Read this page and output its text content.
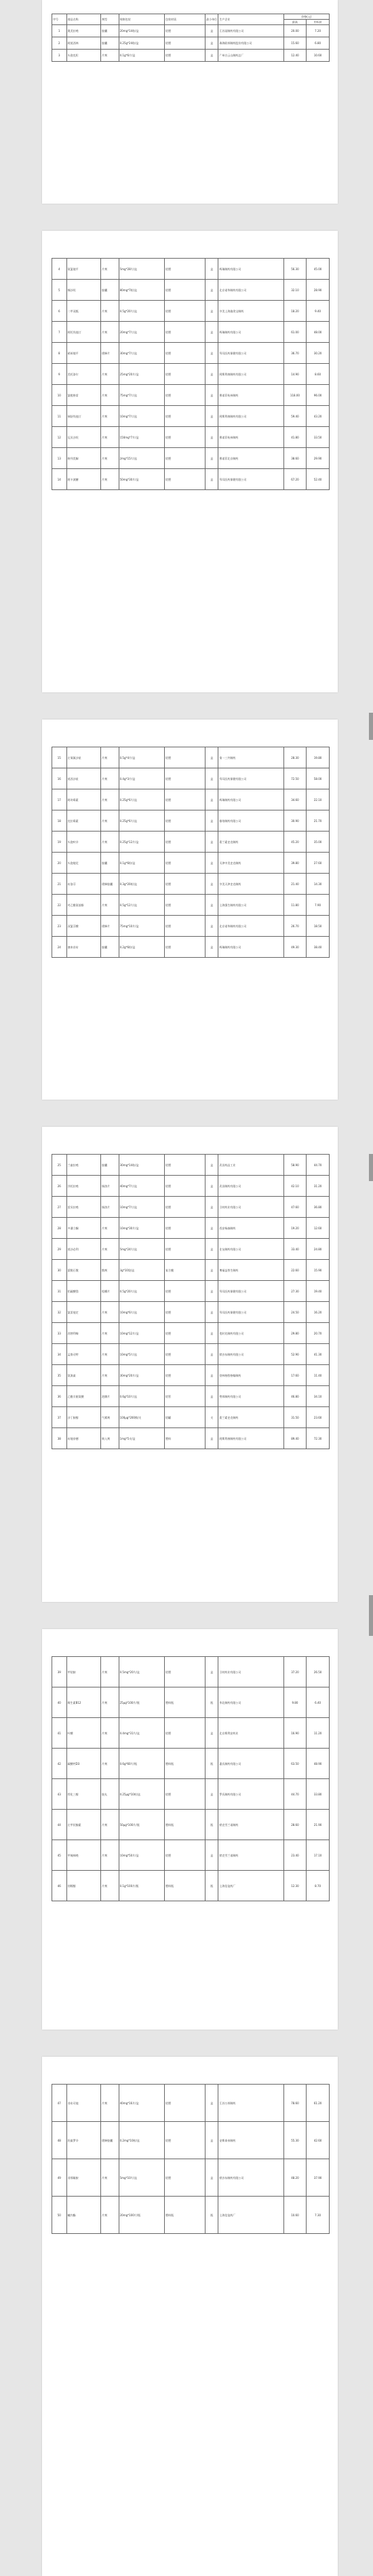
序号	商品名称	剂型	规格包装	包装材质	最小单位	生产企业	价格(元)	
							最高	中标价
1	奥美拉唑	胶囊	20mg*14粒/盒	铝塑	盒	江苏某制药有限公司	20.00	7.20
2	阿莫西林	胶囊	0.25g*24粒/盒	铝塑	盒	珠海联邦制药股份有限公司	15.60	6.80
3	头孢克肟	片剂	0.1g*6片/盒	铝塑	盒	广州白云山制药总厂	12.40	10.60
4	氨氯地平	片剂	5mg*28片/盒	铝塑	盒	辉瑞制药有限公司	56.30	45.00
5	缬沙坦	胶囊	80mg*7粒/盒	铝塑	盒	北京诺华制药有限公司	32.10	28.90
6	二甲双胍	片剂	0.5g*20片/盒	铝塑	盒	中美上海施贵宝制药	18.20	9.40
7	阿托伐他汀	片剂	20mg*7片/盒	铝塑	盒	辉瑞制药有限公司	61.00	48.00
8	硝苯地平	缓释片	30mg*7片/盒	铝塑	盒	拜耳医药保健有限公司	36.70	30.20
9	美托洛尔	片剂	25mg*20片/盒	铝塑	盒	阿斯利康制药有限公司	14.90	8.60
10	氯吡格雷	片剂	75mg*7片/盒	铝塑	盒	赛诺菲杭州制药	118.00	96.00
11	瑞舒伐他汀	片剂	10mg*7片/盒	铝塑	盒	阿斯利康制药有限公司	59.40	43.20
12	厄贝沙坦	片剂	150mg*7片/盒	铝塑	盒	赛诺菲杭州制药	41.80	33.50
13	格列美脲	片剂	2mg*15片/盒	铝塑	盒	赛诺菲北京制药	38.60	29.90
14	阿卡波糖	片剂	50mg*30片/盒	铝塑	盒	拜耳医药保健有限公司	67.20	52.40
15	左氧氟沙星	片剂	0.5g*4片/盒	铝塑	盒	第一三共制药	28.30	19.80
16	莫西沙星	片剂	0.4g*3片/盒	铝塑	盒	拜耳医药保健有限公司	72.50	58.00
17	阿奇霉素	片剂	0.25g*6片/盒	铝塑	盒	辉瑞制药有限公司	34.60	22.10
18	克拉霉素	片剂	0.25g*6片/盒	铝塑	盒	雅培制药有限公司	30.90	21.70
19	头孢呋辛	片剂	0.25g*12片/盒	铝塑	盒	葛兰素史克制药	45.20	35.00
20	头孢地尼	胶囊	0.1g*6粒/盒	铝塑	盒	天津中美史克制药	39.80	27.60
21	布洛芬	缓释胶囊	0.3g*20粒/盒	铝塑	盒	中美天津史克制药	21.40	14.30
22	对乙酰氨基酚	片剂	0.5g*12片/盒	铝塑	盒	上海强生制药有限公司	11.80	7.90
23	双氯芬酸	缓释片	75mg*10片/盒	铝塑	盒	北京诺华制药有限公司	26.70	18.50
24	塞来昔布	胶囊	0.2g*6粒/盒	铝塑	盒	辉瑞制药有限公司	49.30	38.40
25	兰索拉唑	胶囊	30mg*14粒/盒	铝塑	盒	武田药品工业	58.90	44.70
26	泮托拉唑	肠溶片	40mg*7片/盒	铝塑	盒	武田制药有限公司	42.10	31.20
27	雷贝拉唑	肠溶片	10mg*7片/盒	铝塑	盒	卫材药业有限公司	47.60	36.80
28	多潘立酮	片剂	10mg*30片/盒	铝塑	盒	西安杨森制药	19.20	12.60
29	莫沙必利	片剂	5mg*24片/盒	铝塑	盒	住友制药有限公司	33.40	24.80
30	蒙脱石散	散剂	3g*10袋/盒	复合膜	盒	博福益普生制药	22.60	15.90
31	铝碳酸镁	咀嚼片	0.5g*20片/盒	铝塑	盒	拜耳医药保健有限公司	27.30	19.40
32	氯雷他定	片剂	10mg*6片/盒	铝塑	盒	拜耳医药保健有限公司	24.50	16.20
33	西替利嗪	片剂	10mg*12片/盒	铝塑	盒	优时比制药有限公司	29.80	20.70
34	孟鲁司特	片剂	10mg*5片/盒	铝塑	盒	默沙东制药有限公司	52.90	41.30
35	氨溴索	片剂	30mg*20片/盒	铝塑	盒	勃林格殷格翰制药	17.60	11.40
36	乙酰半胱氨酸	泡腾片	0.6g*10片/盒	铝管	盒	赞邦制药有限公司	46.80	34.10
37	沙丁胺醇	气雾剂	100μg*200揿/支	铝罐	支	葛兰素史克制药	31.50	23.60
38	布地奈德	吸入剂	1mg*5支/盒	塑料	盒	阿斯利康制药有限公司	89.40	72.30
39	甲钴胺	片剂	0.5mg*20片/盒	铝塑	盒	卫材药业有限公司	37.20	26.50
40	维生素B12	片剂	25μg*100片/瓶	塑料瓶	瓶	华北制药有限公司	9.80	6.40
41	叶酸	片剂	0.4mg*31片/盒	铝塑	盒	北京斯利安药业	16.90	11.20
42	碳酸钙D3	片剂	0.6g*60片/瓶	塑料瓶	瓶	惠氏制药有限公司	63.50	48.90
43	骨化三醇	胶丸	0.25μg*10粒/盒	铝塑	盒	罗氏制药有限公司	44.70	33.80
44	左甲状腺素	片剂	50μg*100片/瓶	塑料瓶	瓶	默克雪兰诺制药	28.60	21.90
45	甲巯咪唑	片剂	10mg*50片/盒	铝塑	盒	默克雪兰诺制药	23.40	17.10
46	别嘌醇	片剂	0.1g*100片/瓶	塑料瓶	瓶	上海信谊药厂	12.30	8.70
47	非布司他	片剂	40mg*16片/盒	铝塑	盒	江苏万邦制药	78.60	61.20
48	坦索罗辛	缓释胶囊	0.2mg*10粒/盒	铝塑	盒	安斯泰来制药	55.30	42.60
49	非那雄胺	片剂	5mg*10片/盒	铝塑	盒	默沙东制药有限公司	48.20	37.90
50	螺内酯	片剂	20mg*100片/瓶	塑料瓶	瓶	上海信谊药厂	10.60	7.30
